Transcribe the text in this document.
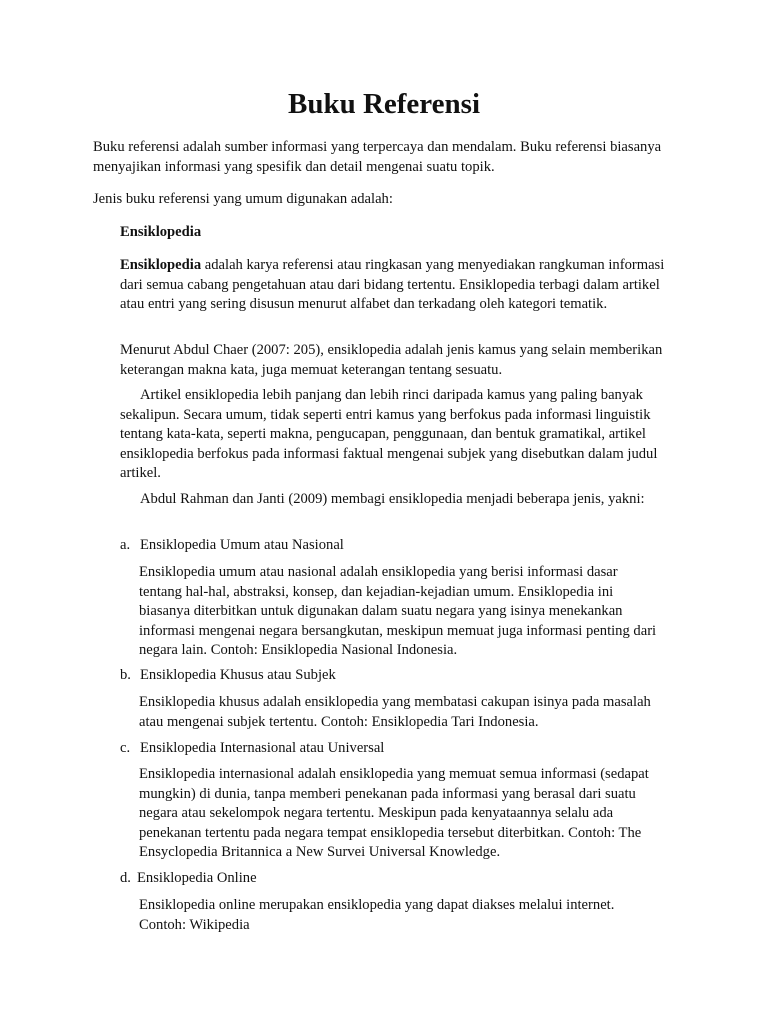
Buku Referensi

Buku referensi adalah sumber informasi yang terpercaya dan mendalam. Buku referensi biasanya menyajikan informasi yang spesifik dan detail mengenai suatu topik.

Jenis buku referensi yang umum digunakan adalah:

Ensiklopedia

Ensiklopedia adalah karya referensi atau ringkasan yang menyediakan rangkuman informasi dari semua cabang pengetahuan atau dari bidang tertentu. Ensiklopedia terbagi dalam artikel atau entri yang sering disusun menurut alfabet dan terkadang oleh kategori tematik.

Menurut Abdul Chaer (2007: 205), ensiklopedia adalah jenis kamus yang selain memberikan keterangan makna kata, juga memuat keterangan tentang sesuatu.

Artikel ensiklopedia lebih panjang dan lebih rinci daripada kamus yang paling banyak sekalipun. Secara umum, tidak seperti entri kamus yang berfokus pada informasi linguistik tentang kata-kata, seperti makna, pengucapan, penggunaan, dan bentuk gramatikal, artikel ensiklopedia berfokus pada informasi faktual mengenai subjek yang disebutkan dalam judul artikel.

Abdul Rahman dan Janti (2009) membagi ensiklopedia menjadi beberapa jenis, yakni:

a. Ensiklopedia Umum atau Nasional

Ensiklopedia umum atau nasional adalah ensiklopedia yang berisi informasi dasar tentang hal-hal, abstraksi, konsep, dan kejadian-kejadian umum. Ensiklopedia ini biasanya diterbitkan untuk digunakan dalam suatu negara yang isinya menekankan informasi mengenai negara bersangkutan, meskipun memuat juga informasi penting dari negara lain. Contoh: Ensiklopedia Nasional Indonesia.

b. Ensiklopedia Khusus atau Subjek

Ensiklopedia khusus adalah ensiklopedia yang membatasi cakupan isinya pada masalah atau mengenai subjek tertentu. Contoh: Ensiklopedia Tari Indonesia.

c. Ensiklopedia Internasional atau Universal

Ensiklopedia internasional adalah ensiklopedia yang memuat semua informasi (sedapat mungkin) di dunia, tanpa memberi penekanan pada informasi yang berasal dari suatu negara atau sekelompok negara tertentu. Meskipun pada kenyataannya selalu ada penekanan tertentu pada negara tempat ensiklopedia tersebut diterbitkan. Contoh: The Ensyclopedia Britannica a New Survei Universal Knowledge.

d. Ensiklopedia Online

Ensiklopedia online merupakan ensiklopedia yang dapat diakses melalui internet. Contoh: Wikipedia
